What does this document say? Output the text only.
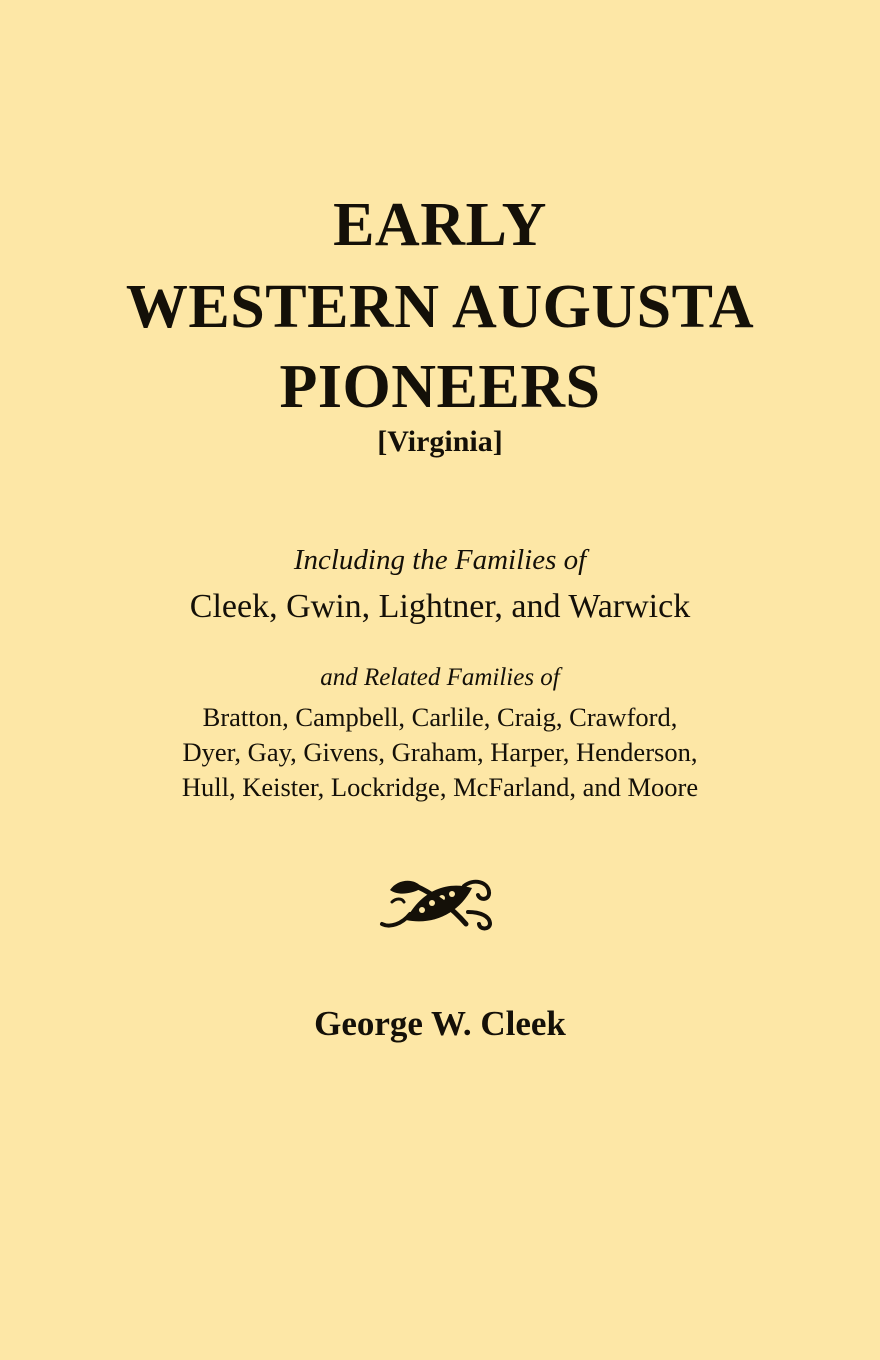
EARLY
WESTERN AUGUSTA
PIONEERS
[Virginia]
Including the Families of
Cleek, Gwin, Lightner, and Warwick
and Related Families of
Bratton, Campbell, Carlile, Craig, Crawford,
Dyer, Gay, Givens, Graham, Harper, Henderson,
Hull, Keister, Lockridge, McFarland, and Moore
George W. Cleek
